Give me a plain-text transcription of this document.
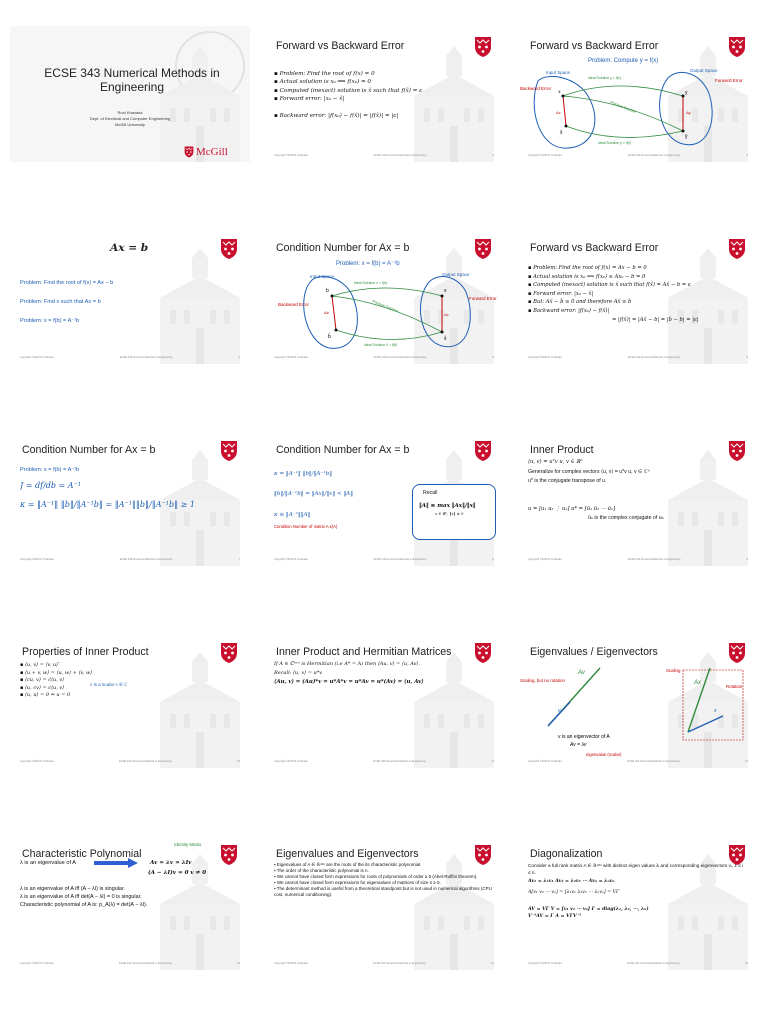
ECSE 343 Numerical Methods in Engineering
Roni Khazaka
Dept. of Electrical and Computer Engineering
McGill University
McGill
Forward vs Backward Error
▪ Problem: Find the root of f(x) = 0
▪ Actual solution is x₀ ⟹ f(x₀) = 0
▪ Computed (inexact) solution is x̃ such that f(x̃) = ϵ
▪ Forward error: |x₀ − x̃|
▪ Backward error: |f(x₀) − f(x̃)| = |f(x̃)| = |ϵ|
Copyright ©2020 R. Khazaka	ECSE 343 Numerical Methods in Engineering	2
Forward vs Backward Error
Problem: Compute y = f(x)
Input Space	Output Space
Backward Error
Forward Error
Ideal Solution y = f(x)
Practical Solution
Ideal Solution ŷ = f(x̂)
x
x̂
y
ŷ
Δx	Δy
Copyright ©2020 R. Khazaka	ECSE 343 Numerical Methods in Engineering	3
Ax = b
Problem: Find the root of f(x) = Ax − b
Problem: Find x such that Ax = b
Problem: x = f(b) = A⁻¹b
Copyright ©2020 R. Khazaka	ECSE 343 Numerical Methods in Engineering	4
Condition Number for Ax = b
Problem: x = f(b) = A⁻¹b
Input Space	Output Space
Backward Error
Forward Error
Ideal Solution x = f(b)
Practical Solution
Ideal Solution x̂ = f(b̂)
b
b̂
x
x̂
Δb	Δx
Copyright ©2020 R. Khazaka	ECSE 343 Numerical Methods in Engineering	5
Forward vs Backward Error
▪ Problem: Find the root of f(x) = Ax − b = 0
▪ Actual solution is x₀ ⟹ f(x₀) ≡ Ax₀ − b = 0
▪ Computed (inexact) solution is x̃ such that f(x̃) = Ax̃ − b = ϵ
▪ Forward error: |x₀ − x̃|
▪ But: Ax̃ − b̃ ≡ 0 and therefore Ax̃ ≡ b̃
▪ Backward error: |f(x₀) − f(x̃)|
= |f(x̃)| = |Ax̃ − b| = |b̃ − b| = |ϵ|
Copyright ©2020 R. Khazaka	ECSE 343 Numerical Methods in Engineering	6
Condition Number for Ax = b
Problem: x = f(b) = A⁻¹b
J = df/db = A⁻¹
κ = ‖A⁻¹‖ ‖b‖/‖A⁻¹b‖ = ‖A⁻¹‖‖b‖/‖A⁻¹b‖ ≥ 1
Copyright ©2020 R. Khazaka	ECSE 343 Numerical Methods in Engineering	7
Condition Number for Ax = b
κ = ‖A⁻¹‖ ‖b‖/‖A⁻¹b‖
‖b‖/‖A⁻¹b‖ = ‖Ax‖/‖x‖ < ‖A‖
κ ≤ ‖A⁻¹‖‖A‖
Condition Number of matrix A κ(A)
Recall
‖A‖ ≡ max ‖Ax‖/‖x‖
x ∈ ℝⁿ, ‖x‖ ≠ 0
Copyright ©2020 R. Khazaka	ECSE 343 Numerical Methods in Engineering	8
Inner Product
⟨u, v⟩ = uᵀv u, v ∈ ℝⁿ
Generalize for complex vectors ⟨u, v⟩ = u*v u, v ∈ ℂⁿ
u* is the conjugate transpose of u.
u = [u₁ u₂ ⋮ uₙ] u* = [ū₁ ū₂ ⋯ ūₙ]
ūₙ is the complex conjugate of uₙ
Copyright ©2020 R. Khazaka	ECSE 343 Numerical Methods in Engineering	9
Properties of Inner Product
▪ ⟨u, v⟩ = ⟨v, u⟩‾
▪ ⟨u + v, w⟩ = ⟨u, w⟩ + ⟨v, w⟩
▪ ⟨cu, v⟩ = c̄⟨u, v⟩
▪ ⟨u, cv⟩ = c⟨u, v⟩
▪ ⟨u, u⟩ = 0 ⇔ u = 0
c is a scalar c ∈ ℂ
Copyright ©2020 R. Khazaka	ECSE 343 Numerical Methods in Engineering	10
Inner Product and Hermitian Matrices
If A ∈ ℂⁿˣⁿ is Hermitian (i.e A* = A) then ⟨Au, v⟩ = ⟨u, Av⟩.
Recall: ⟨u, v⟩ = u*v
⟨Au, v⟩ = (Au)*v = u*A*v = u*Av = u*(Av) = ⟨u, Av⟩
Copyright ©2020 R. Khazaka	ECSE 343 Numerical Methods in Engineering	11
Eigenvalues / Eigenvectors
Av
v
Scaling, but no rotation
v is an eigenvector of A
Av = λv
eigenvalue (scalar)
Scaling
Rotation
Ax
x
Copyright ©2020 R. Khazaka	ECSE 343 Numerical Methods in Engineering	12
Characteristic Polynomial
Identity Matrix
λ is an eigenvalue of A	Av = λv = λIv
(A − λI)v = 0 v ≠ 0
λ is an eigenvalue of A iff (A − λI) is singular.
λ is an eigenvalue of A iff det(A − λI) = 0 is singular.
Characteristic polynomial of A is: p_A(λ) = det(A − λI).
Copyright ©2020 R. Khazaka	ECSE 343 Numerical Methods in Engineering	13
Eigenvalues and Eigenvectors
▪ Eigenvalues of A ∈ ℝⁿˣⁿ are the roots of the its characteristic polynomial.
▪ The order of the characteristic polynomial is n.
▪ We cannot have closed form expressions for roots of polynomials of order ≥ 5 (Abel-Ruffini theorem).
▪ We cannot have closed form expressions for eigenvalues of matrices of size n ≥ 5.
▪ The determinant method is useful from a theoretical standpoint but is not used in numerical algorithms (CPU cost, numerical conditioning).
Copyright ©2020 R. Khazaka	ECSE 343 Numerical Methods in Engineering	14
Diagonalization
Consider a full rank matrix A ∈ ℝⁿˣⁿ with distinct eigen values λᵢ and corresponding eigenvectors vᵢ, 1 ≤ i ≤ n.
Av₁ = λ₁v₁ Av₂ = λ₂v₂ ⋯ Avₙ = λₙvₙ
A[v₁ v₂ ⋯ vₙ] = [λ₁v₁ λ₂v₂ ⋯ λₙvₙ] = VΓ
AV = VΓ V = [v₁ v₂ ⋯ vₙ] Γ = diag(λ₁, λ₂, ⋯, λₙ)
V⁻¹AV = Γ A = VΓV⁻¹
Copyright ©2020 R. Khazaka	ECSE 343 Numerical Methods in Engineering	15
